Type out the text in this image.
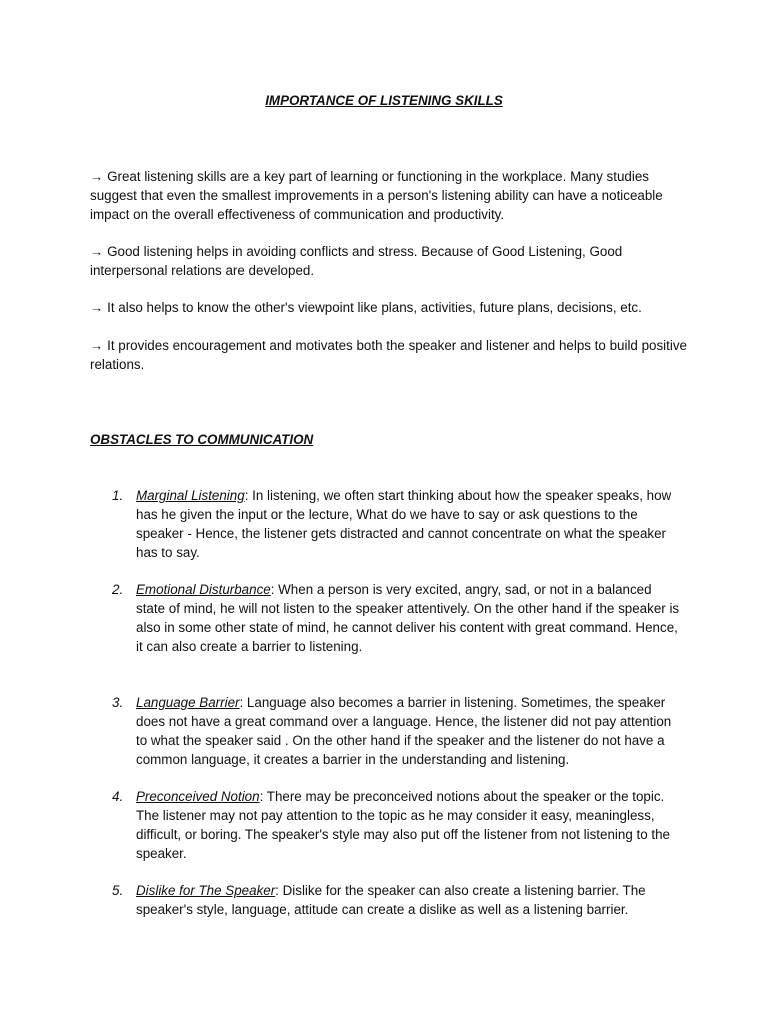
IMPORTANCE OF LISTENING SKILLS

→ Great listening skills are a key part of learning or functioning in the workplace. Many studies suggest that even the smallest improvements in a person's listening ability can have a noticeable impact on the overall effectiveness of communication and productivity.

→ Good listening helps in avoiding conflicts and stress. Because of Good Listening, Good interpersonal relations are developed.

→ It also helps to know the other's viewpoint like plans, activities, future plans, decisions, etc.

→ It provides encouragement and motivates both the speaker and listener and helps to build positive relations.

OBSTACLES TO COMMUNICATION
1. Marginal Listening: In listening, we often start thinking about how the speaker speaks, how has he given the input or the lecture, What do we have to say or ask questions to the speaker - Hence, the listener gets distracted and cannot concentrate on what the speaker has to say.
2. Emotional Disturbance: When a person is very excited, angry, sad, or not in a balanced state of mind, he will not listen to the speaker attentively. On the other hand if the speaker is also in some other state of mind, he cannot deliver his content with great command. Hence, it can also create a barrier to listening.
3. Language Barrier: Language also becomes a barrier in listening. Sometimes, the speaker does not have a great command over a language. Hence, the listener did not pay attention to what the speaker said . On the other hand if the speaker and the listener do not have a common language, it creates a barrier in the understanding and listening.
4. Preconceived Notion: There may be preconceived notions about the speaker or the topic. The listener may not pay attention to the topic as he may consider it easy, meaningless, difficult, or boring. The speaker's style may also put off the listener from not listening to the speaker.
5. Dislike for The Speaker: Dislike for the speaker can also create a listening barrier. The speaker's style, language, attitude can create a dislike as well as a listening barrier.
